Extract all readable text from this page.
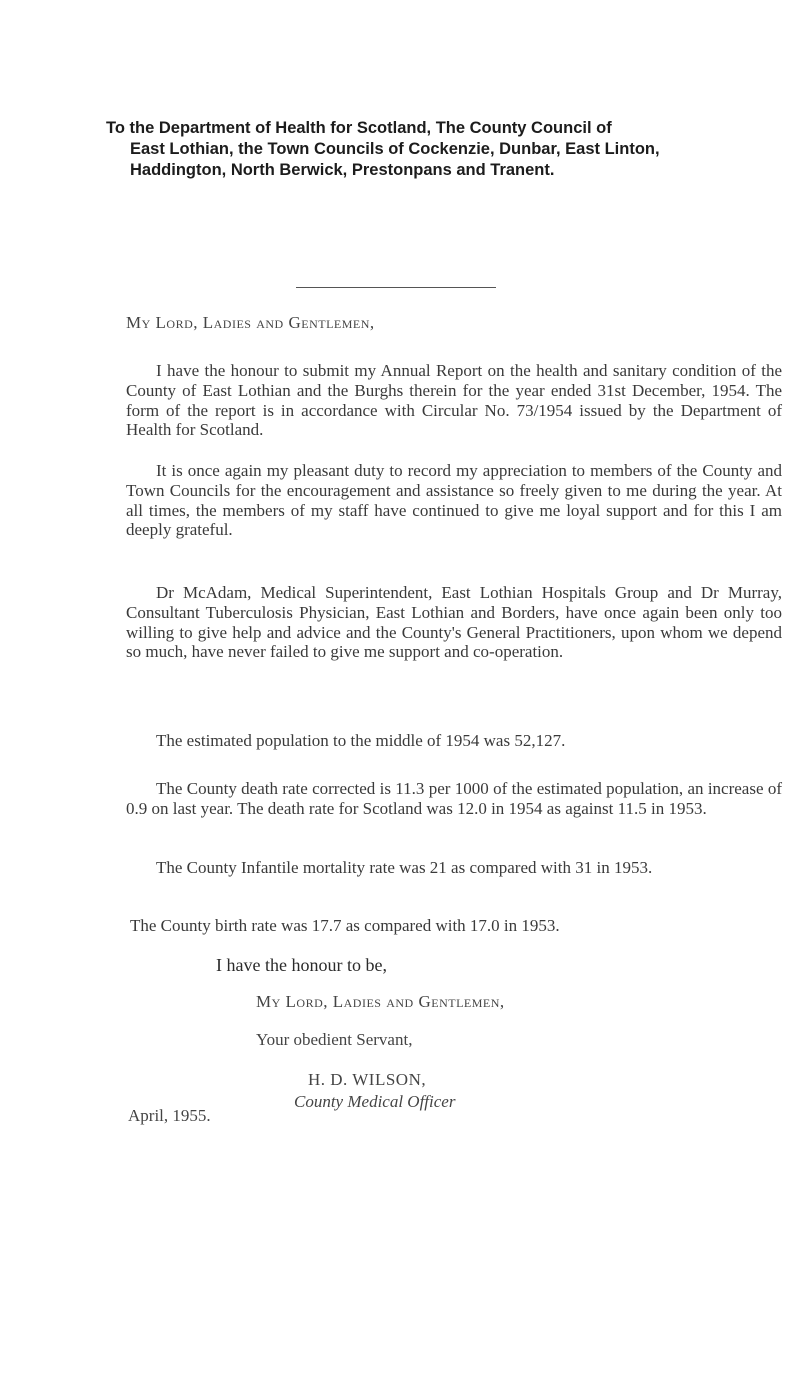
To the Department of Health for Scotland, The County Council of
East Lothian, the Town Councils of Cockenzie, Dunbar, East Linton, Haddington, North Berwick, Prestonpans and Tranent.
My Lord, Ladies and Gentlemen,
I have the honour to submit my Annual Report on the health and sanitary condition of the County of East Lothian and the Burghs therein for the year ended 31st December, 1954. The form of the report is in accordance with Circular No. 73/1954 issued by the Department of Health for Scotland.
It is once again my pleasant duty to record my appreciation to members of the County and Town Councils for the encouragement and assistance so freely given to me during the year. At all times, the members of my staff have continued to give me loyal support and for this I am deeply grateful.
Dr McAdam, Medical Superintendent, East Lothian Hospitals Group and Dr Murray, Consultant Tuberculosis Physician, East Lothian and Borders, have once again been only too willing to give help and advice and the County's General Practitioners, upon whom we depend so much, have never failed to give me support and co-operation.
The estimated population to the middle of 1954 was 52,127.
The County death rate corrected is 11.3 per 1000 of the estimated population, an increase of 0.9 on last year. The death rate for Scotland was 12.0 in 1954 as against 11.5 in 1953.
The County Infantile mortality rate was 21 as compared with 31 in 1953.
The County birth rate was 17.7 as compared with 17.0 in 1953.
I have the honour to be,
My Lord, Ladies and Gentlemen,
Your obedient Servant,
H. D. WILSON,
County Medical Officer
April, 1955.
